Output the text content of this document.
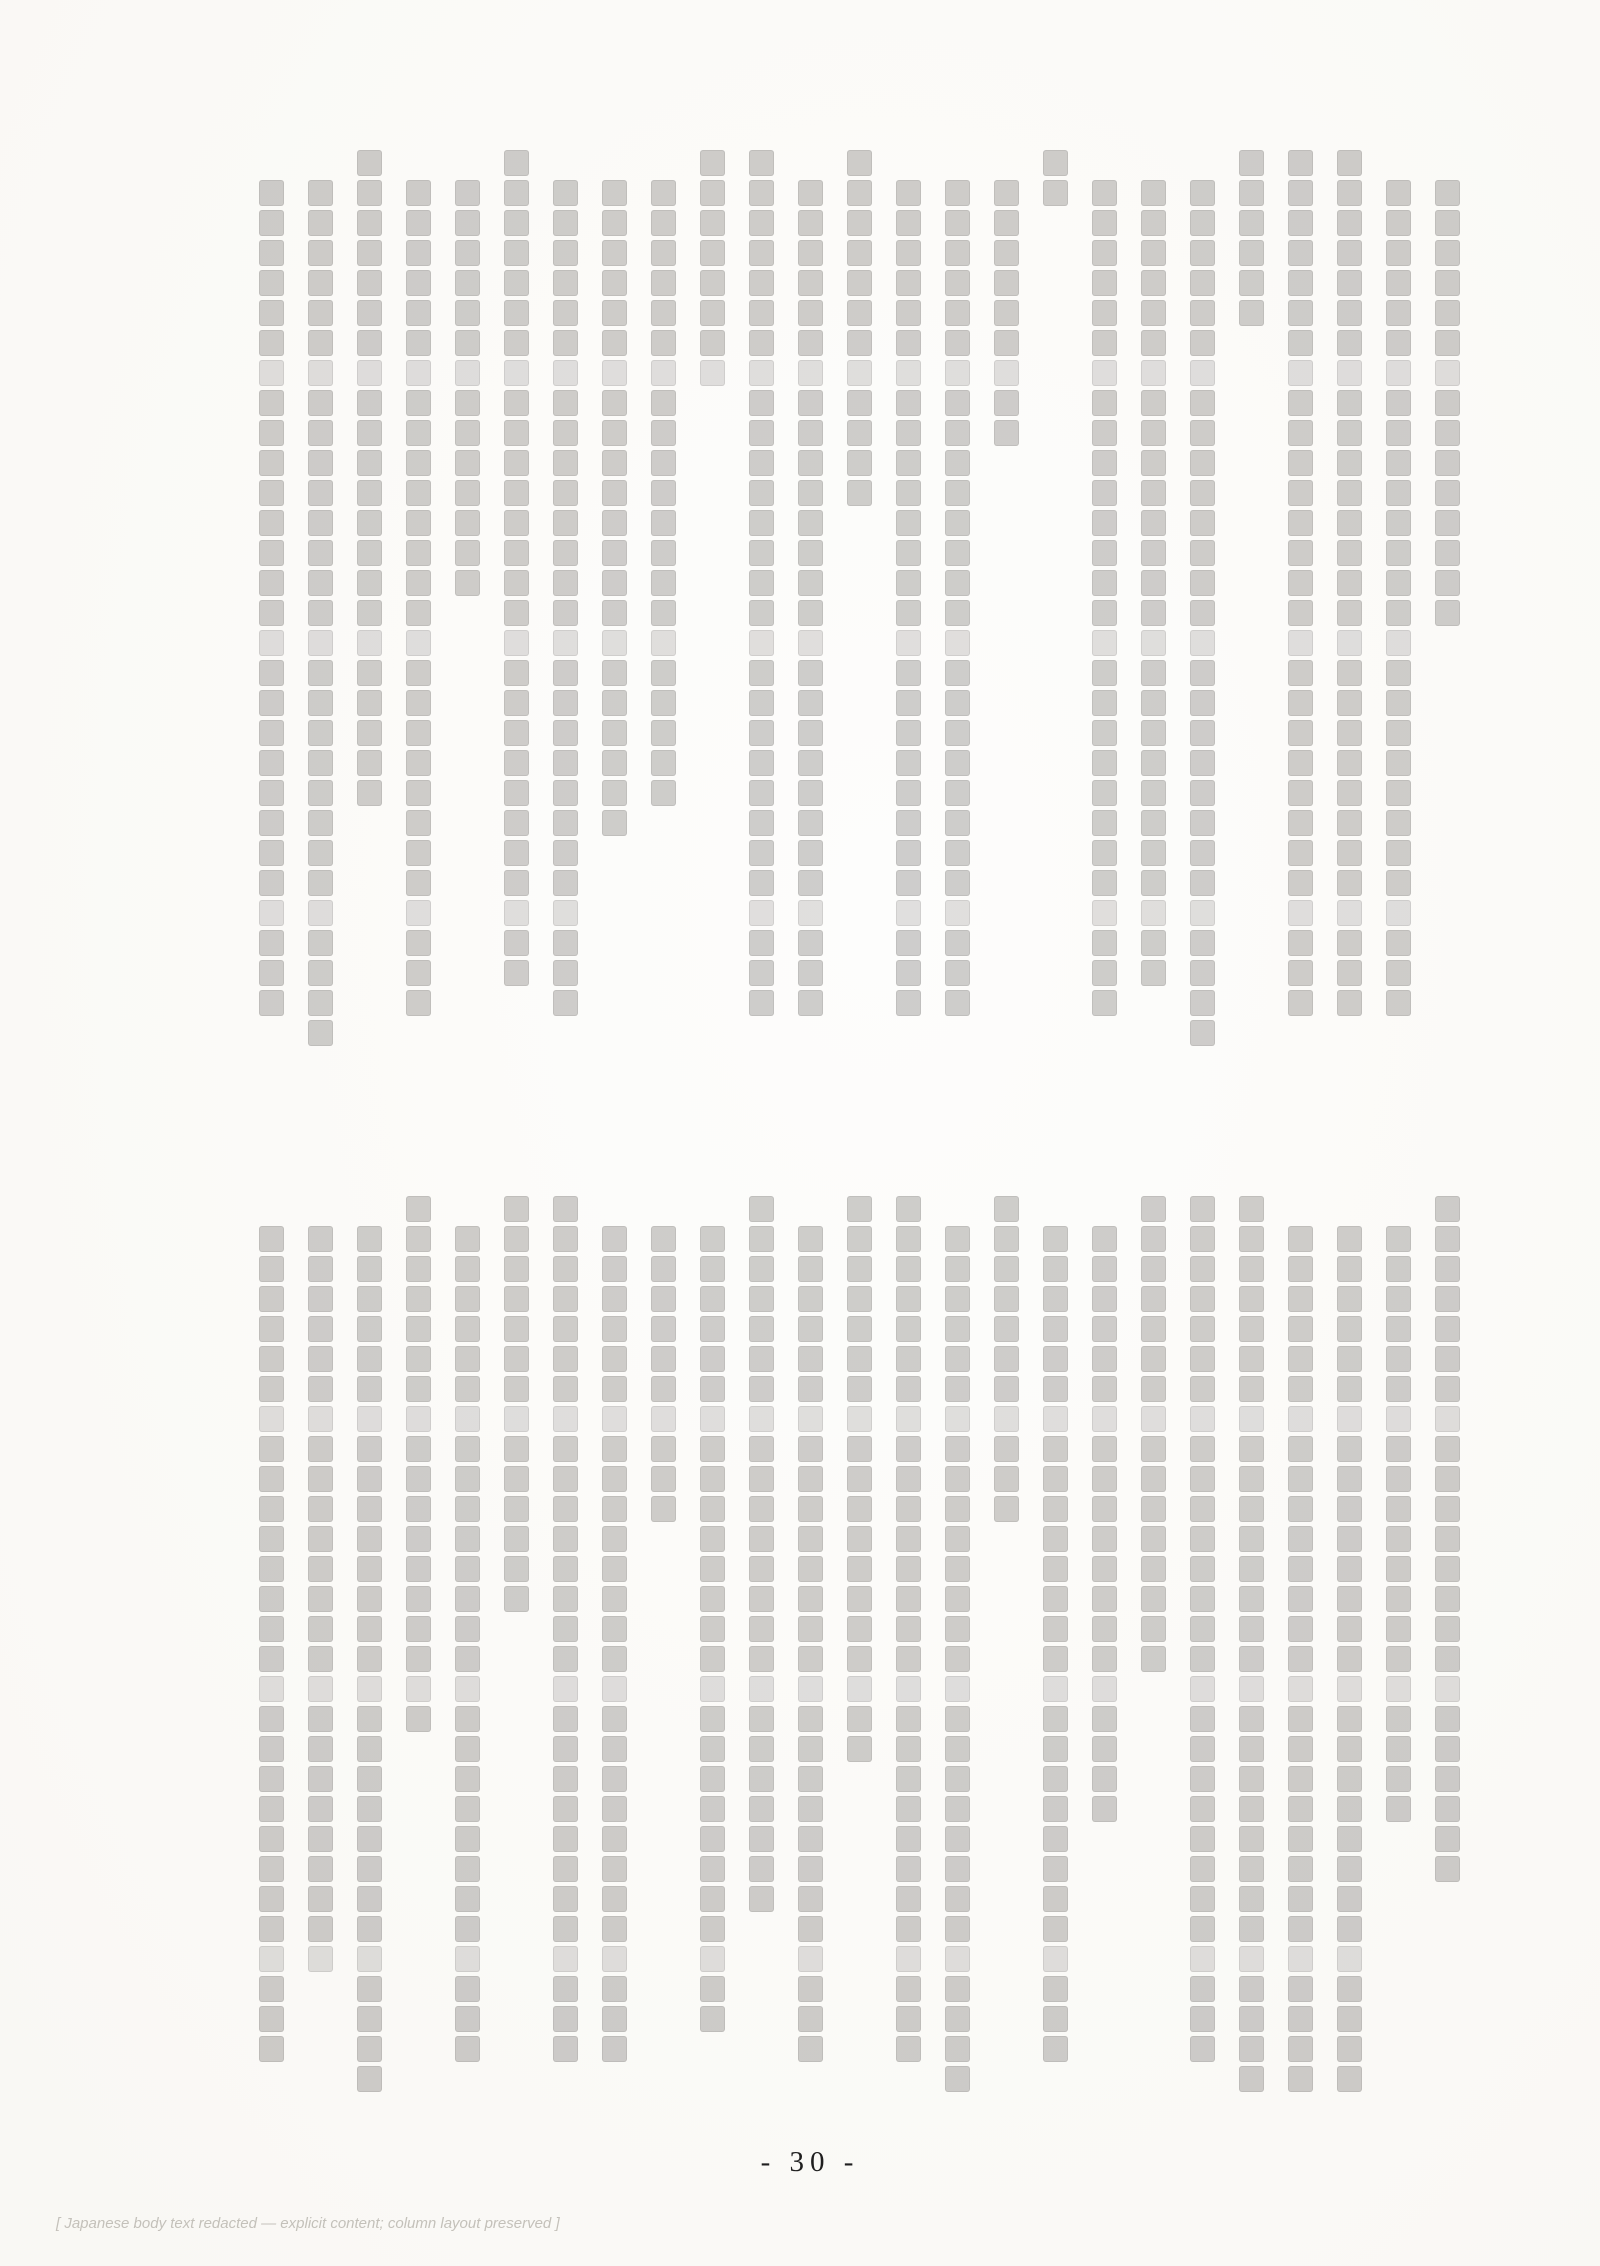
- 30 -
[ Japanese body text redacted — explicit content; column layout preserved ]
